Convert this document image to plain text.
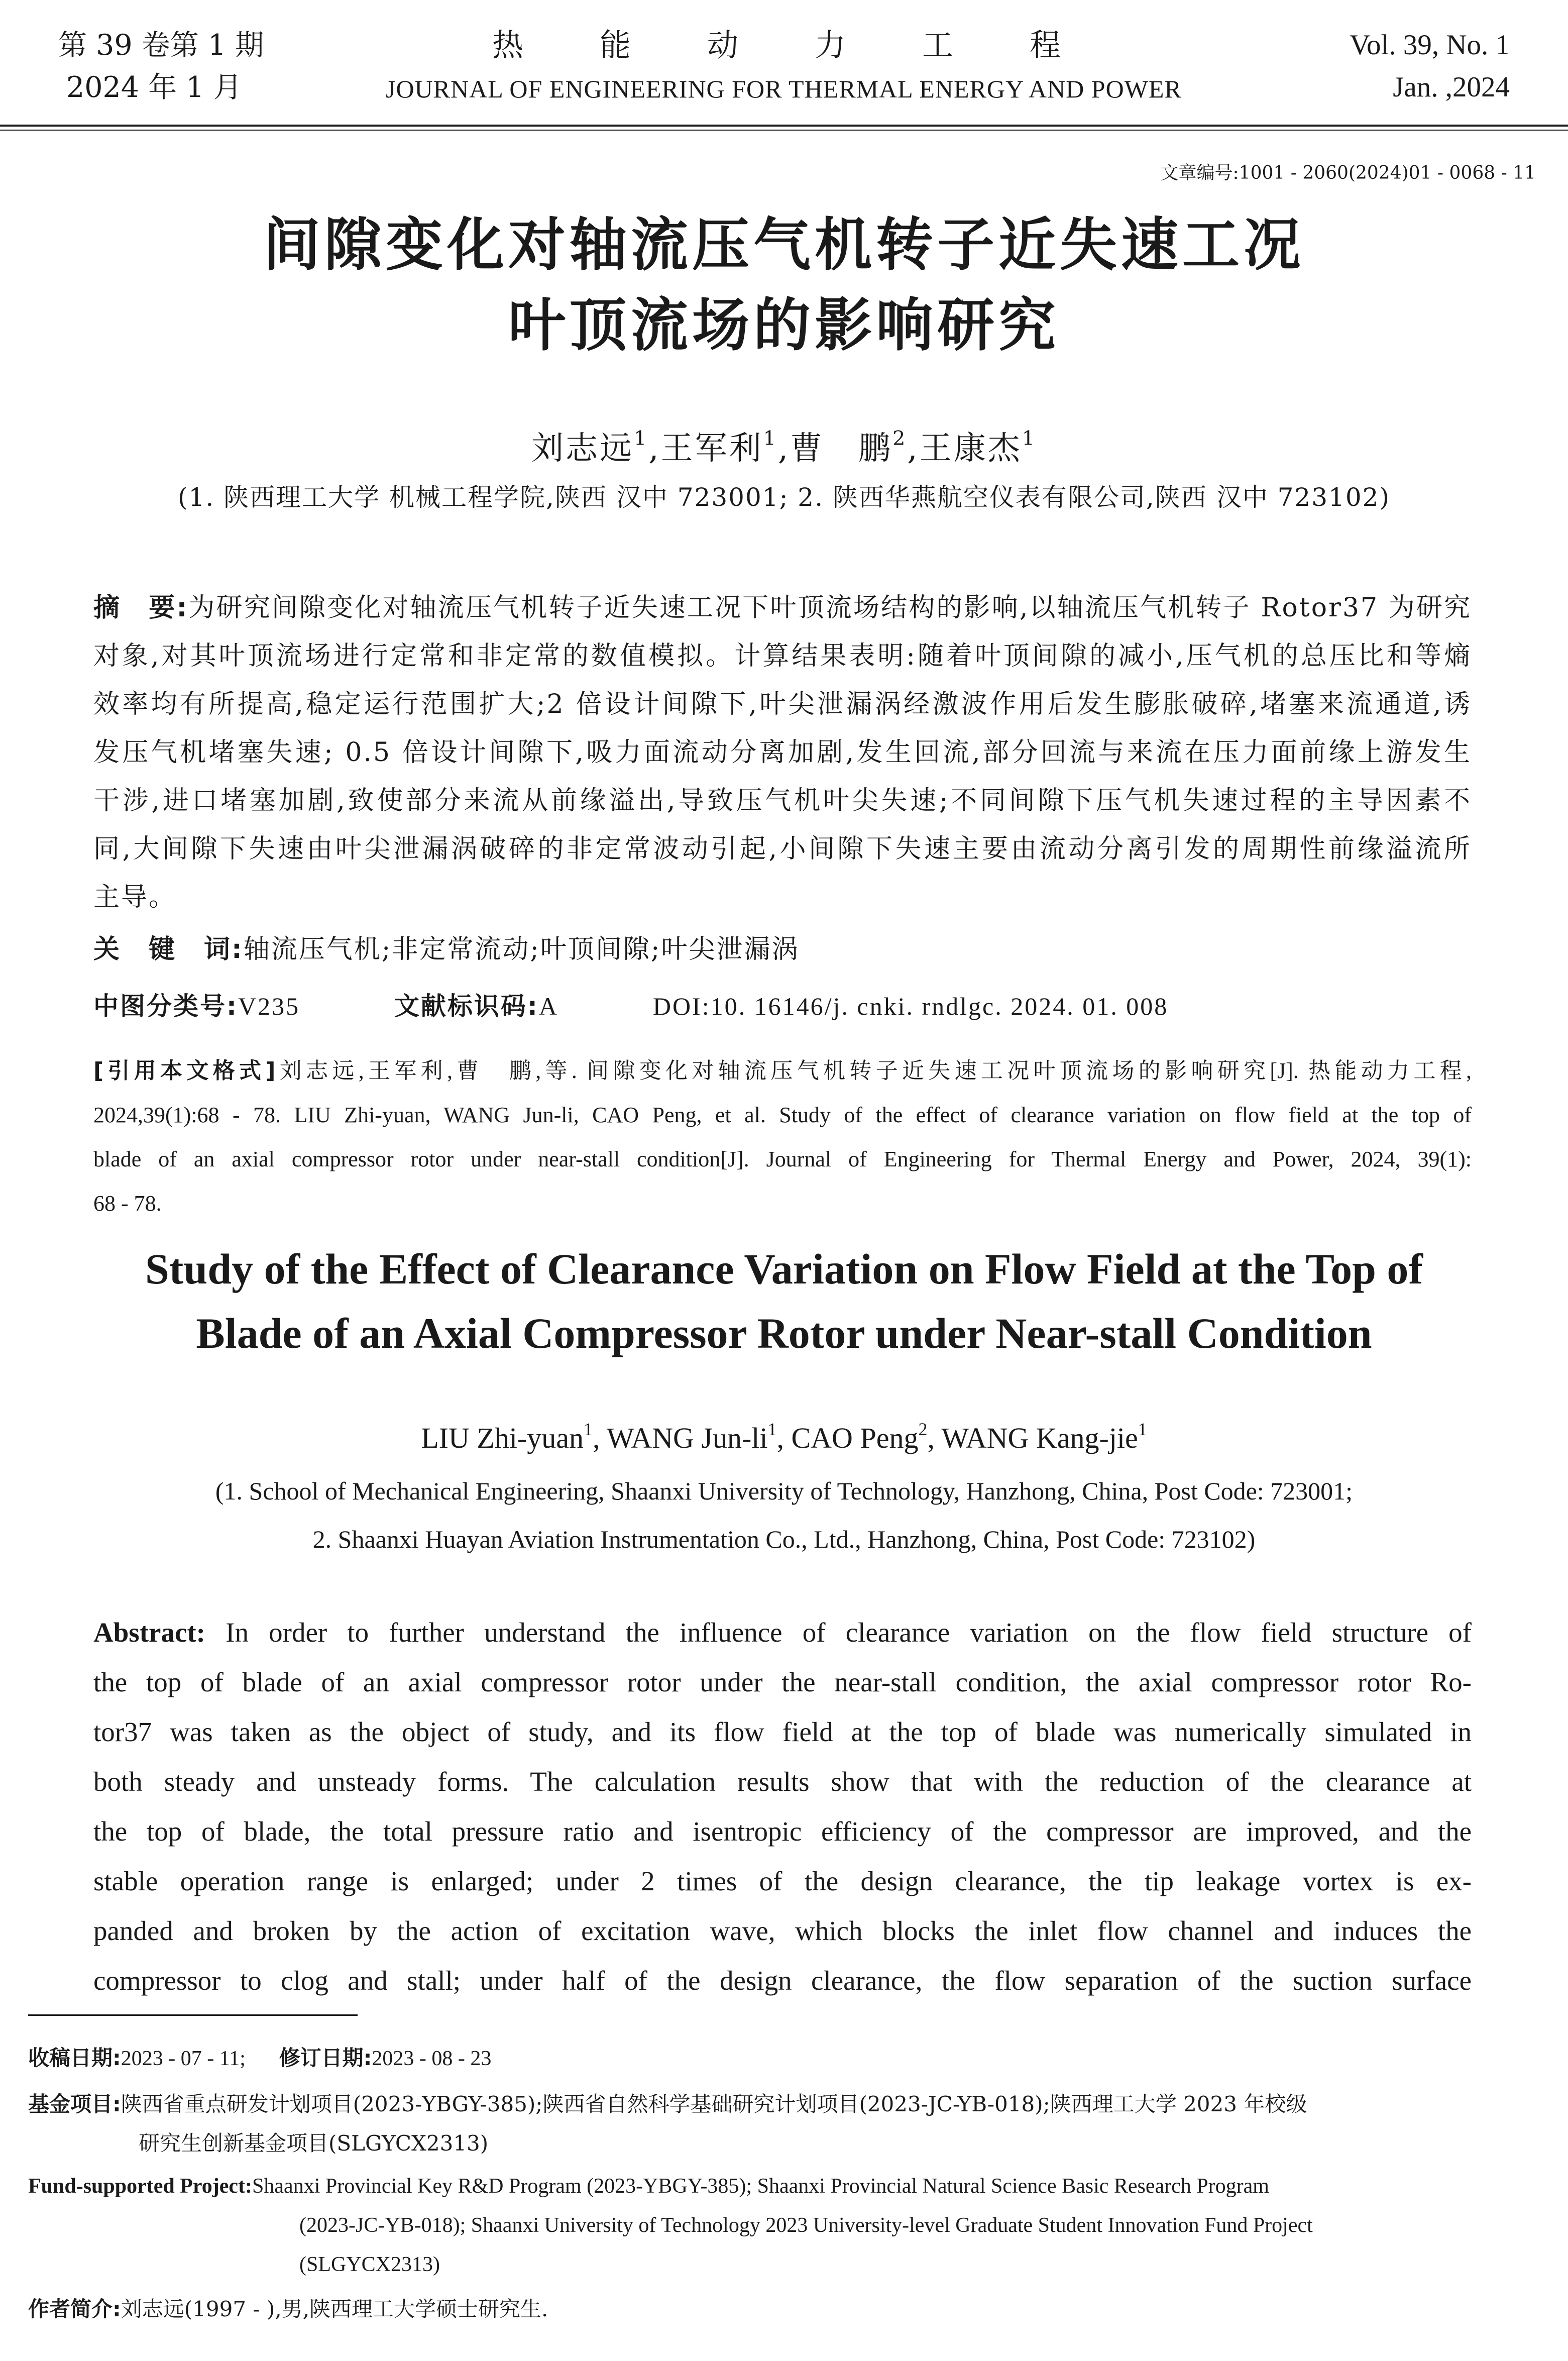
第 39 卷第 1 期
2024 年 1 月
热能动力工程
JOURNAL OF ENGINEERING FOR THERMAL ENERGY AND POWER
Vol. 39, No. 1
Jan. ,2024
文章编号:1001 - 2060(2024)01 - 0068 - 11
间隙变化对轴流压气机转子近失速工况
叶顶流场的影响研究
刘志远$^1$,王军利$^1$,曹　鹏$^2$,王康杰$^1$
(1. 陕西理工大学 机械工程学院,陕西 汉中 723001; 2. 陕西华燕航空仪表有限公司,陕西 汉中 723102)
摘　要:为研究间隙变化对轴流压气机转子近失速工况下叶顶流场结构的影响,以轴流压气机转子 Rotor37 为研究
对象,对其叶顶流场进行定常和非定常的数值模拟。计算结果表明:随着叶顶间隙的减小,压气机的总压比和等熵
效率均有所提高,稳定运行范围扩大;2 倍设计间隙下,叶尖泄漏涡经激波作用后发生膨胀破碎,堵塞来流通道,诱
发压气机堵塞失速; 0.5 倍设计间隙下,吸力面流动分离加剧,发生回流,部分回流与来流在压力面前缘上游发生
干涉,进口堵塞加剧,致使部分来流从前缘溢出,导致压气机叶尖失速;不同间隙下压气机失速过程的主导因素不
同,大间隙下失速由叶尖泄漏涡破碎的非定常波动引起,小间隙下失速主要由流动分离引发的周期性前缘溢流所
主导。
关　键　词:轴流压气机;非定常流动;叶顶间隙;叶尖泄漏涡
中图分类号:V235	文献标识码:A	DOI:10. 16146/j. cnki. rndlgc. 2024. 01. 008
[引用本文格式]刘志远,王军利,曹　鹏,等. 间隙变化对轴流压气机转子近失速工况叶顶流场的影响研究[J]. 热能动力工程,
2024,39(1):68 - 78. LIU Zhi-yuan, WANG Jun-li, CAO Peng, et al. Study of the effect of clearance variation on flow field at the top of
blade of an axial compressor rotor under near-stall condition[J]. Journal of Engineering for Thermal Energy and Power, 2024, 39(1):
68 - 78.
Study of the Effect of Clearance Variation on Flow Field at the Top of
Blade of an Axial Compressor Rotor under Near-stall Condition
LIU Zhi-yuan$^1$, WANG Jun-$li^1$, CAO Peng$^2$, WANG Kang-jie$^1$
(1. School of Mechanical Engineering, Shaanxi University of Technology, Hanzhong, China, Post Code: 723001;
2. Shaanxi Huayan Aviation Instrumentation Co., Ltd., Hanzhong, China, Post Code: 723102)
Abstract: In order to further understand the influence of clearance variation on the flow field structure of
the top of blade of an axial compressor rotor under the near-stall condition, the axial compressor rotor Ro-
tor37 was taken as the object of study, and its flow field at the top of blade was numerically simulated in
both steady and unsteady forms. The calculation results show that with the reduction of the clearance at
the top of blade, the total pressure ratio and isentropic efficiency of the compressor are improved, and the
stable operation range is enlarged; under 2 times of the design clearance, the tip leakage vortex is ex-
panded and broken by the action of excitation wave, which blocks the inlet flow channel and induces the
compressor to clog and stall; under half of the design clearance, the flow separation of the suction surface
收稿日期:2023 - 07 - 11; 修订日期:2023 - 08 - 23
基金项目:陕西省重点研发计划项目(2023-YBGY-385);陕西省自然科学基础研究计划项目(2023-JC-YB-018);陕西理工大学 2023 年校级
研究生创新基金项目(SLGYCX2313)
Fund-supported Project:Shaanxi Provincial Key R&D Program (2023-YBGY-385); Shaanxi Provincial Natural Science Basic Research Program
(2023-JC-YB-018); Shaanxi University of Technology 2023 University-level Graduate Student Innovation Fund Project
(SLGYCX2313)
作者简介:刘志远(1997 - ),男,陕西理工大学硕士研究生.
